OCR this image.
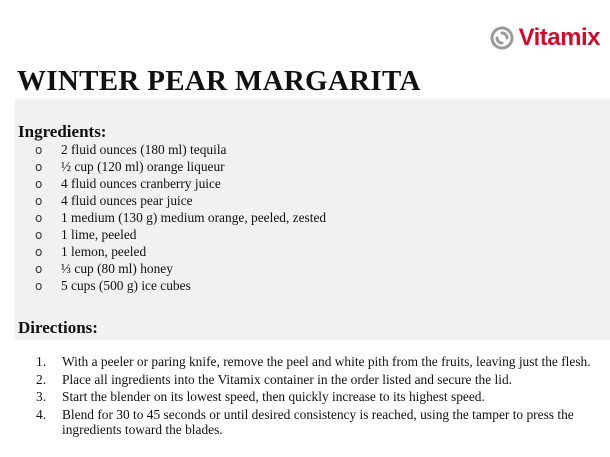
Vitamix
WINTER PEAR MARGARITA
Ingredients:
o	2 fluid ounces (180 ml) tequila
o	½ cup (120 ml) orange liqueur
o	4 fluid ounces cranberry juice
o	4 fluid ounces pear juice
o	1 medium (130 g) medium orange, peeled, zested
o	1 lime, peeled
o	1 lemon, peeled
o	⅓ cup (80 ml) honey
o	5 cups (500 g) ice cubes
Directions:
1.	With a peeler or paring knife, remove the peel and white pith from the fruits, leaving just the flesh.
2.	Place all ingredients into the Vitamix container in the order listed and secure the lid.
3.	Start the blender on its lowest speed, then quickly increase to its highest speed.
4.	Blend for 30 to 45 seconds or until desired consistency is reached, using the tamper to press the ingredients toward the blades.
